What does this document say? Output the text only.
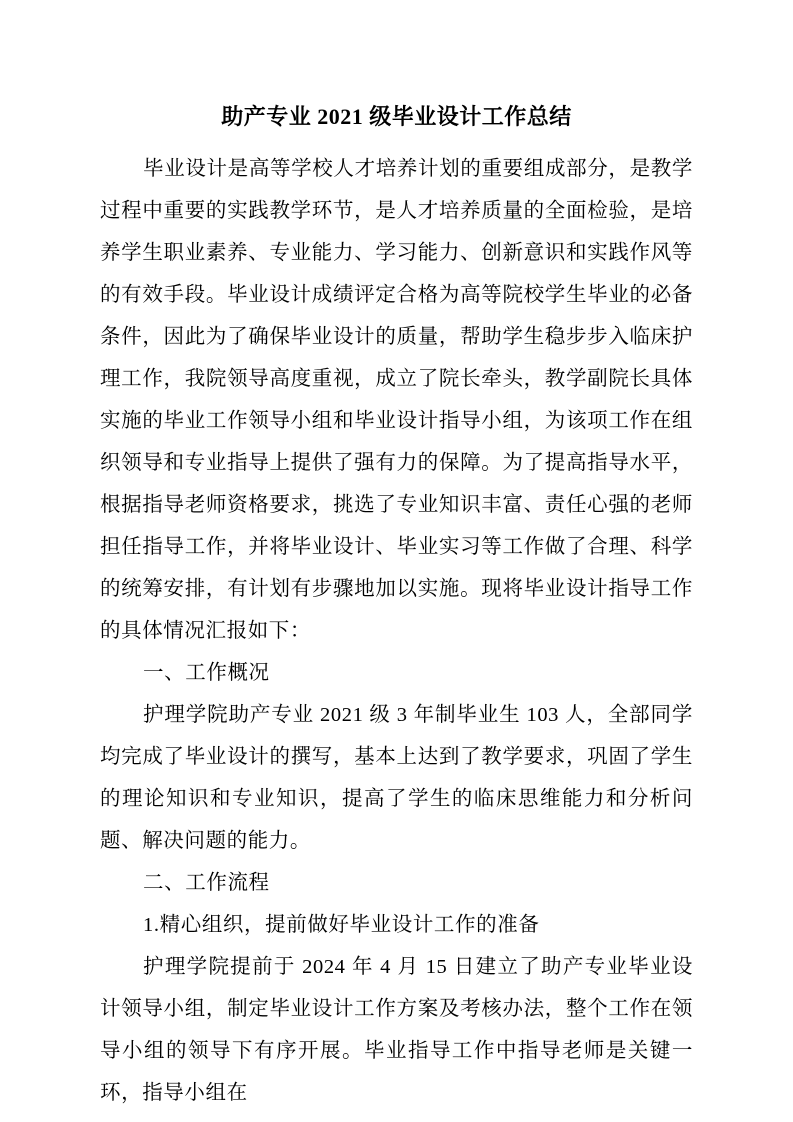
助产专业 2021 级毕业设计工作总结

毕业设计是高等学校人才培养计划的重要组成部分，是教学过程中重要的实践教学环节，是人才培养质量的全面检验，是培养学生职业素养、专业能力、学习能力、创新意识和实践作风等的有效手段。毕业设计成绩评定合格为高等院校学生毕业的必备条件，因此为了确保毕业设计的质量，帮助学生稳步步入临床护理工作，我院领导高度重视，成立了院长牵头，教学副院长具体实施的毕业工作领导小组和毕业设计指导小组，为该项工作在组织领导和专业指导上提供了强有力的保障。为了提高指导水平，根据指导老师资格要求，挑选了专业知识丰富、责任心强的老师担任指导工作，并将毕业设计、毕业实习等工作做了合理、科学的统筹安排，有计划有步骤地加以实施。现将毕业设计指导工作的具体情况汇报如下：

一、工作概况

护理学院助产专业 2021 级 3 年制毕业生 103 人，全部同学均完成了毕业设计的撰写，基本上达到了教学要求，巩固了学生的理论知识和专业知识，提高了学生的临床思维能力和分析问题、解决问题的能力。

二、工作流程

1.精心组织，提前做好毕业设计工作的准备

护理学院提前于 2024 年 4 月 15 日建立了助产专业毕业设计领导小组，制定毕业设计工作方案及考核办法，整个工作在领导小组的领导下有序开展。毕业指导工作中指导老师是关键一环，指导小组在
